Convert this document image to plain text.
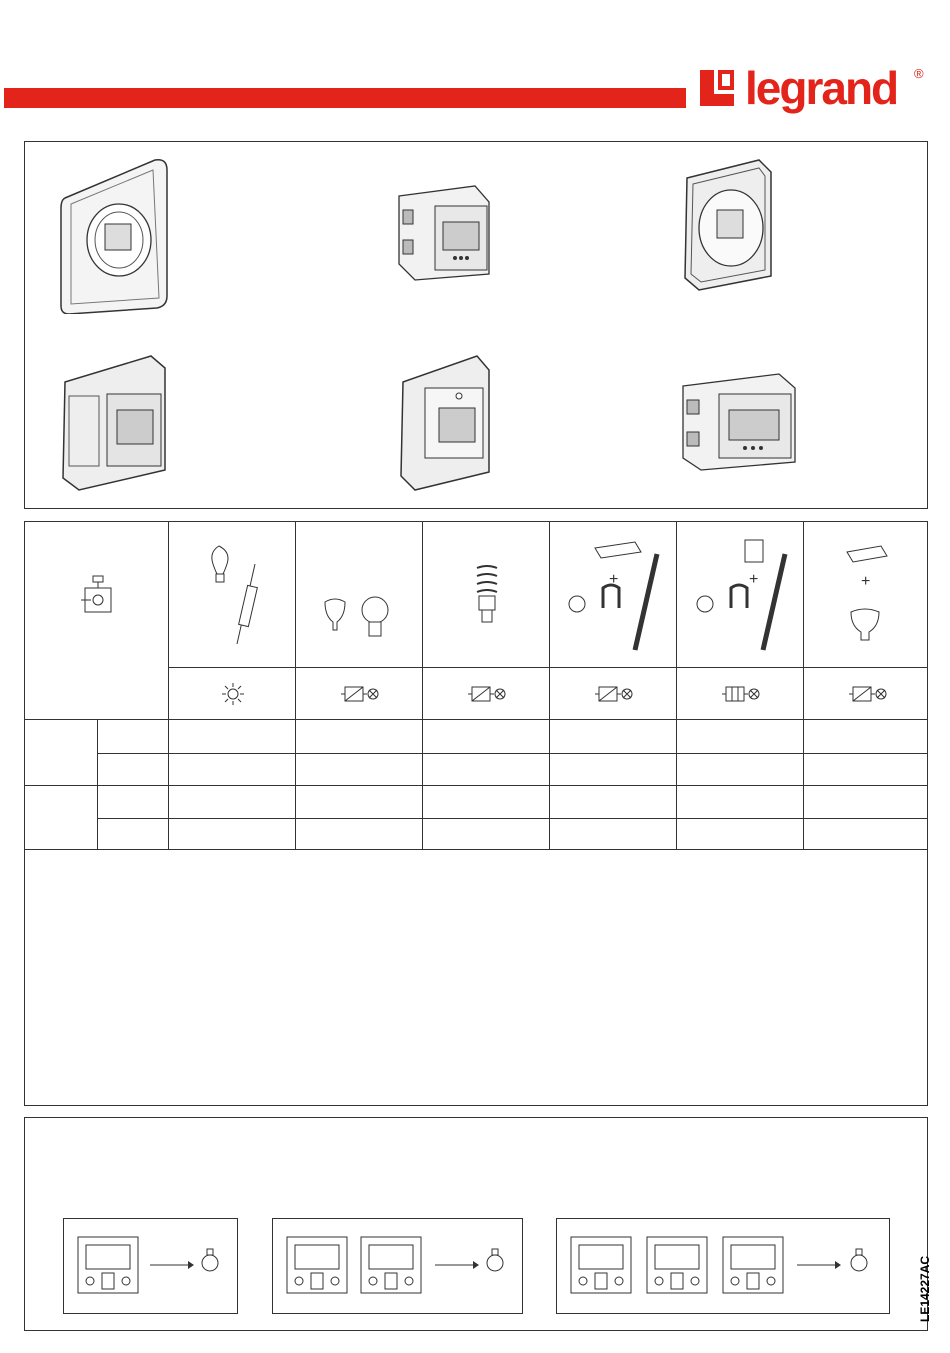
legrand ®
+	+	+
LE14227AC
